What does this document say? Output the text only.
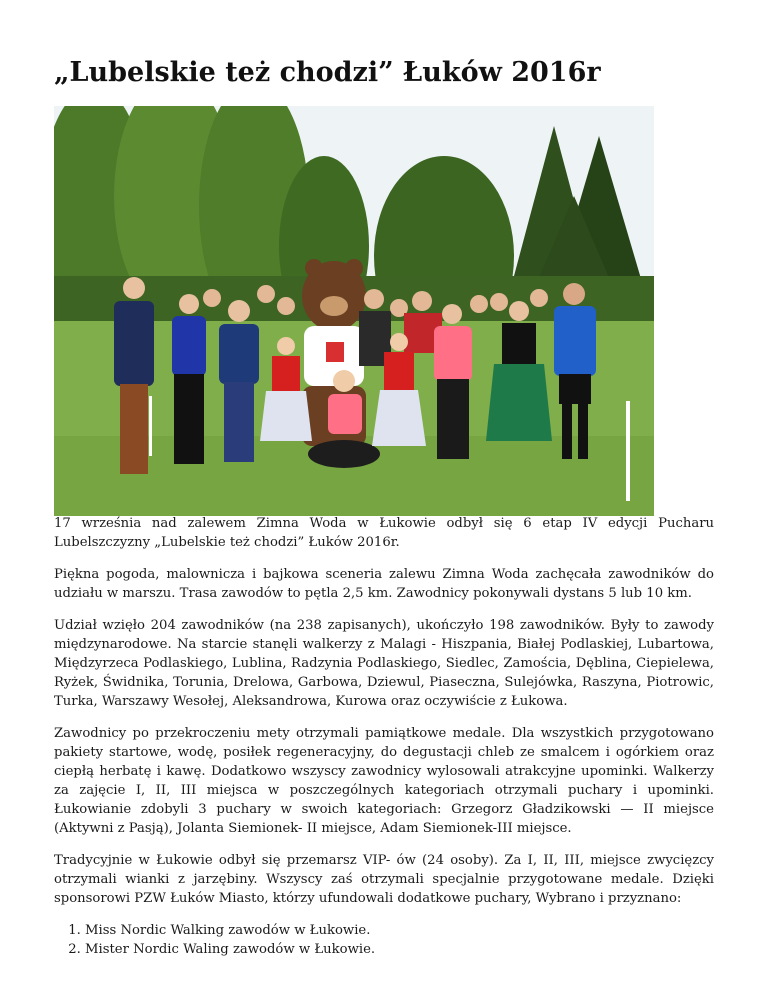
„Lubelskie też chodzi” Łuków 2016r

17 września nad zalewem Zimna Woda w Łukowie odbył się 6 etap IV edycji Pucharu Lubelszczyzny „Lubelskie też chodzi” Łuków 2016r.

Piękna pogoda, malownicza i bajkowa sceneria zalewu Zimna Woda zachęcała zawodników do udziału w marszu. Trasa zawodów to pętla 2,5 km. Zawodnicy pokonywali dystans 5 lub 10 km.

Udział wzięło 204 zawodników (na 238 zapisanych), ukończyło 198 zawodników. Były to zawody międzynarodowe. Na starcie stanęli walkerzy z Malagi - Hiszpania, Białej Podlaskiej, Lubartowa, Międzyrzeca Podlaskiego, Lublina, Radzynia Podlaskiego, Siedlec, Zamościa, Dęblina, Ciepielewa, Ryżek, Świdnika, Torunia, Drelowa, Garbowa, Dziewul, Piaseczna, Sulejówka, Raszyna, Piotrowic, Turka, Warszawy Wesołej, Aleksandrowa, Kurowa oraz oczywiście z Łukowa.

Zawodnicy po przekroczeniu mety otrzymali pamiątkowe medale. Dla wszystkich przygotowano pakiety startowe, wodę, posiłek regeneracyjny, do degustacji chleb ze smalcem i ogórkiem oraz ciepłą herbatę i kawę. Dodatkowo wszyscy zawodnicy wylosowali atrakcyjne upominki. Walkerzy za zajęcie I, II, III miejsca w poszczególnych kategoriach otrzymali puchary i upominki. Łukowianie zdobyli 3 puchary w swoich kategoriach: Grzegorz Gładzikowski — II miejsce (Aktywni z Pasją), Jolanta Siemionek- II miejsce, Adam Siemionek-III miejsce.

Tradycyjnie w Łukowie odbył się przemarsz VIP- ów (24 osoby). Za I, II, III, miejsce zwycięzcy otrzymali wianki z jarzębiny. Wszyscy zaś otrzymali specjalnie przygotowane medale. Dzięki sponsorowi PZW Łuków Miasto, którzy ufundowali dodatkowe puchary, Wybrano i przyznano:

1. Miss Nordic Walking zawodów w Łukowie.
2. Mister Nordic Waling zawodów w Łukowie.
